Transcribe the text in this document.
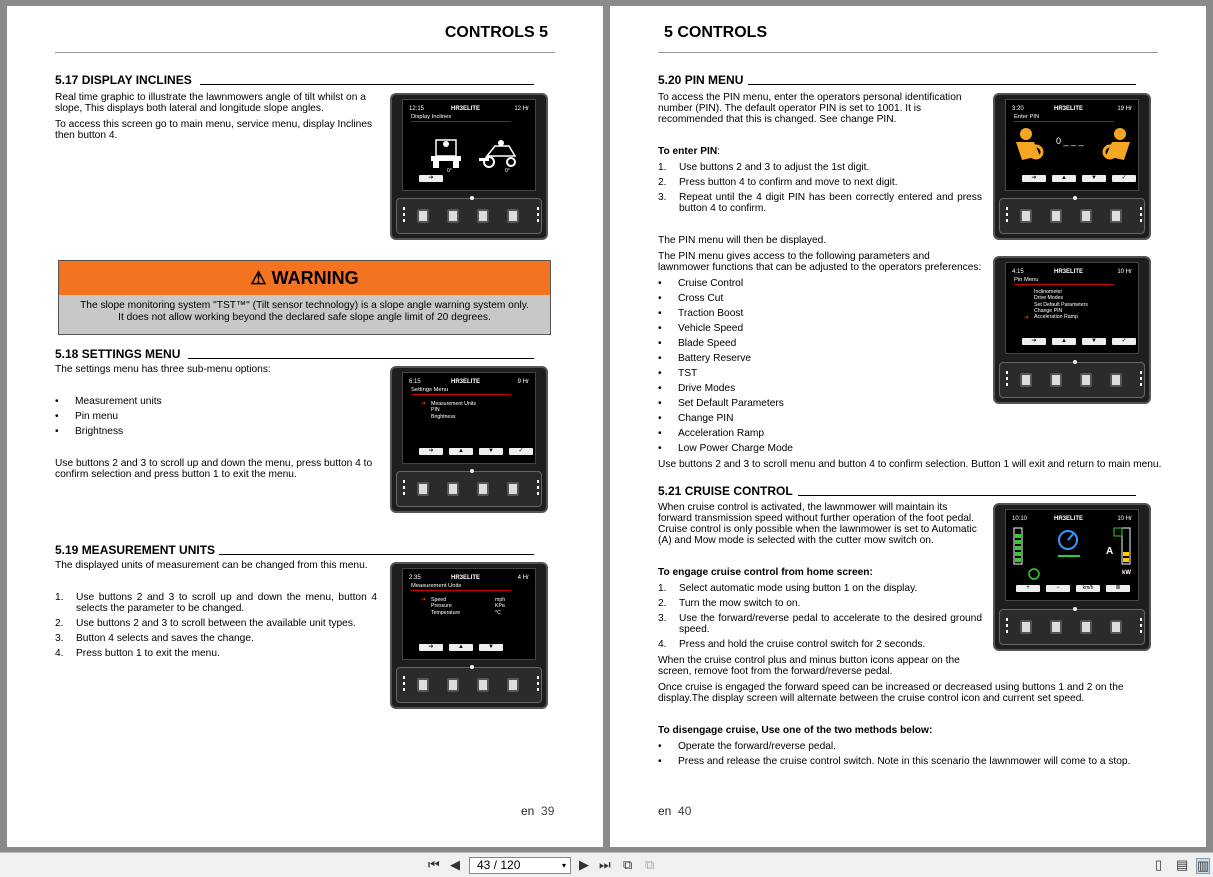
CONTROLS 5
5.17 DISPLAY INCLINES
Real time graphic to illustrate the lawnmowers angle of tilt whilst on a slope, This displays both lateral and longitude slope angles.
To access this screen go to main menu, service menu, display Inclines then button 4.
12:15	HR3ELITE	12 Hr
Display Inclines
0°	0°
➔
⚠ WARNING
The slope monitoring system "TST™" (Tilt sensor technology) is a slope angle warning system only.
It does not allow working beyond the declared safe slope angle limit of 20 degrees.
5.18 SETTINGS MENU
The settings menu has three sub-menu options:
• Measurement units
• Pin menu
• Brightness
Use buttons 2 and 3 to scroll up and down the menu, press button 4 to confirm selection and press button 1 to exit the menu.
6:15	HR3ELITE	9 Hr
Settings Menu
➔ Measurement Units
PIN
Brightness
➔	▲	▼	✓
5.19 MEASUREMENT UNITS
The displayed units of measurement can be changed from this menu.
1. Use buttons 2 and 3 to scroll up and down the menu, button 4 selects the parameter to be changed.
2. Use buttons 2 and 3 to scroll between the available unit types.
3. Button 4 selects and saves the change.
4. Press button 1 to exit the menu.
2:35	HR3ELITE	4 Hr
Measurement Units
➔ Speed	mph
Pressure	KPa
Temperature	°C
➔	▲	▼
en 39
5 CONTROLS
5.20 PIN MENU
To access the PIN menu, enter the operators personal identification number (PIN). The default operator PIN is set to 1001. It is recommended that this is changed. See change PIN.
To enter PIN:
1. Use buttons 2 and 3 to adjust the 1st digit.
2. Press button 4 to confirm and move to next digit.
3. Repeat until the 4 digit PIN has been correctly entered and press button 4 to confirm.
The PIN menu will then be displayed.
The PIN menu gives access to the following parameters and lawnmower functions that can be adjusted to the operators preferences:
• Cruise Control
• Cross Cut
• Traction Boost
• Vehicle Speed
• Blade Speed
• Battery Reserve
• TST
• Drive Modes
• Set Default Parameters
• Change PIN
• Acceleration Ramp
• Low Power Charge Mode
Use buttons 2 and 3 to scroll menu and button 4 to confirm selection. Button 1 will exit and return to main menu.
3:20	HR3ELITE	19 Hr
Enter PIN
0 _ _ _
➔	▲	▼	✓
4:15	HR3ELITE	10 Hr
Pin Menu
➔
Inclinometer
Drive Modes
Set Default Parameters
Change PIN
Acceleration Ramp
➔	▲	▼	✓
5.21 CRUISE CONTROL
When cruise control is activated, the lawnmower will maintain its forward transmission speed without further operation of the foot pedal. Cruise control is only possible when the lawnmower is set to Automatic (A) and Mow mode is selected with the cutter mow switch on.
To engage cruise control from home screen:
1. Select automatic mode using button 1 on the display.
2. Turn the mow switch to on.
3. Use the forward/reverse pedal to accelerate to the desired ground speed.
4. Press and hold the cruise control switch for 2 seconds.
When the cruise control plus and minus button icons appear on the screen, remove foot from the forward/reverse pedal.
Once cruise is engaged the forward speed can be increased or decreased using buttons 1 and 2 on the display.The display screen will alternate between the cruise control icon and current set speed.
To disengage cruise, Use one of the two methods below:
• Operate the forward/reverse pedal.
• Press and release the cruise control switch. Note in this scenario the lawnmower will come to a stop.
10:10	HR3ELITE	10 Hr
A
kW
+	−	km/h	≣
en 40
⏮ ◀	43 / 120	▾ ▶ ⏭ ⧉ ⧉	▯ ▤ ▥
